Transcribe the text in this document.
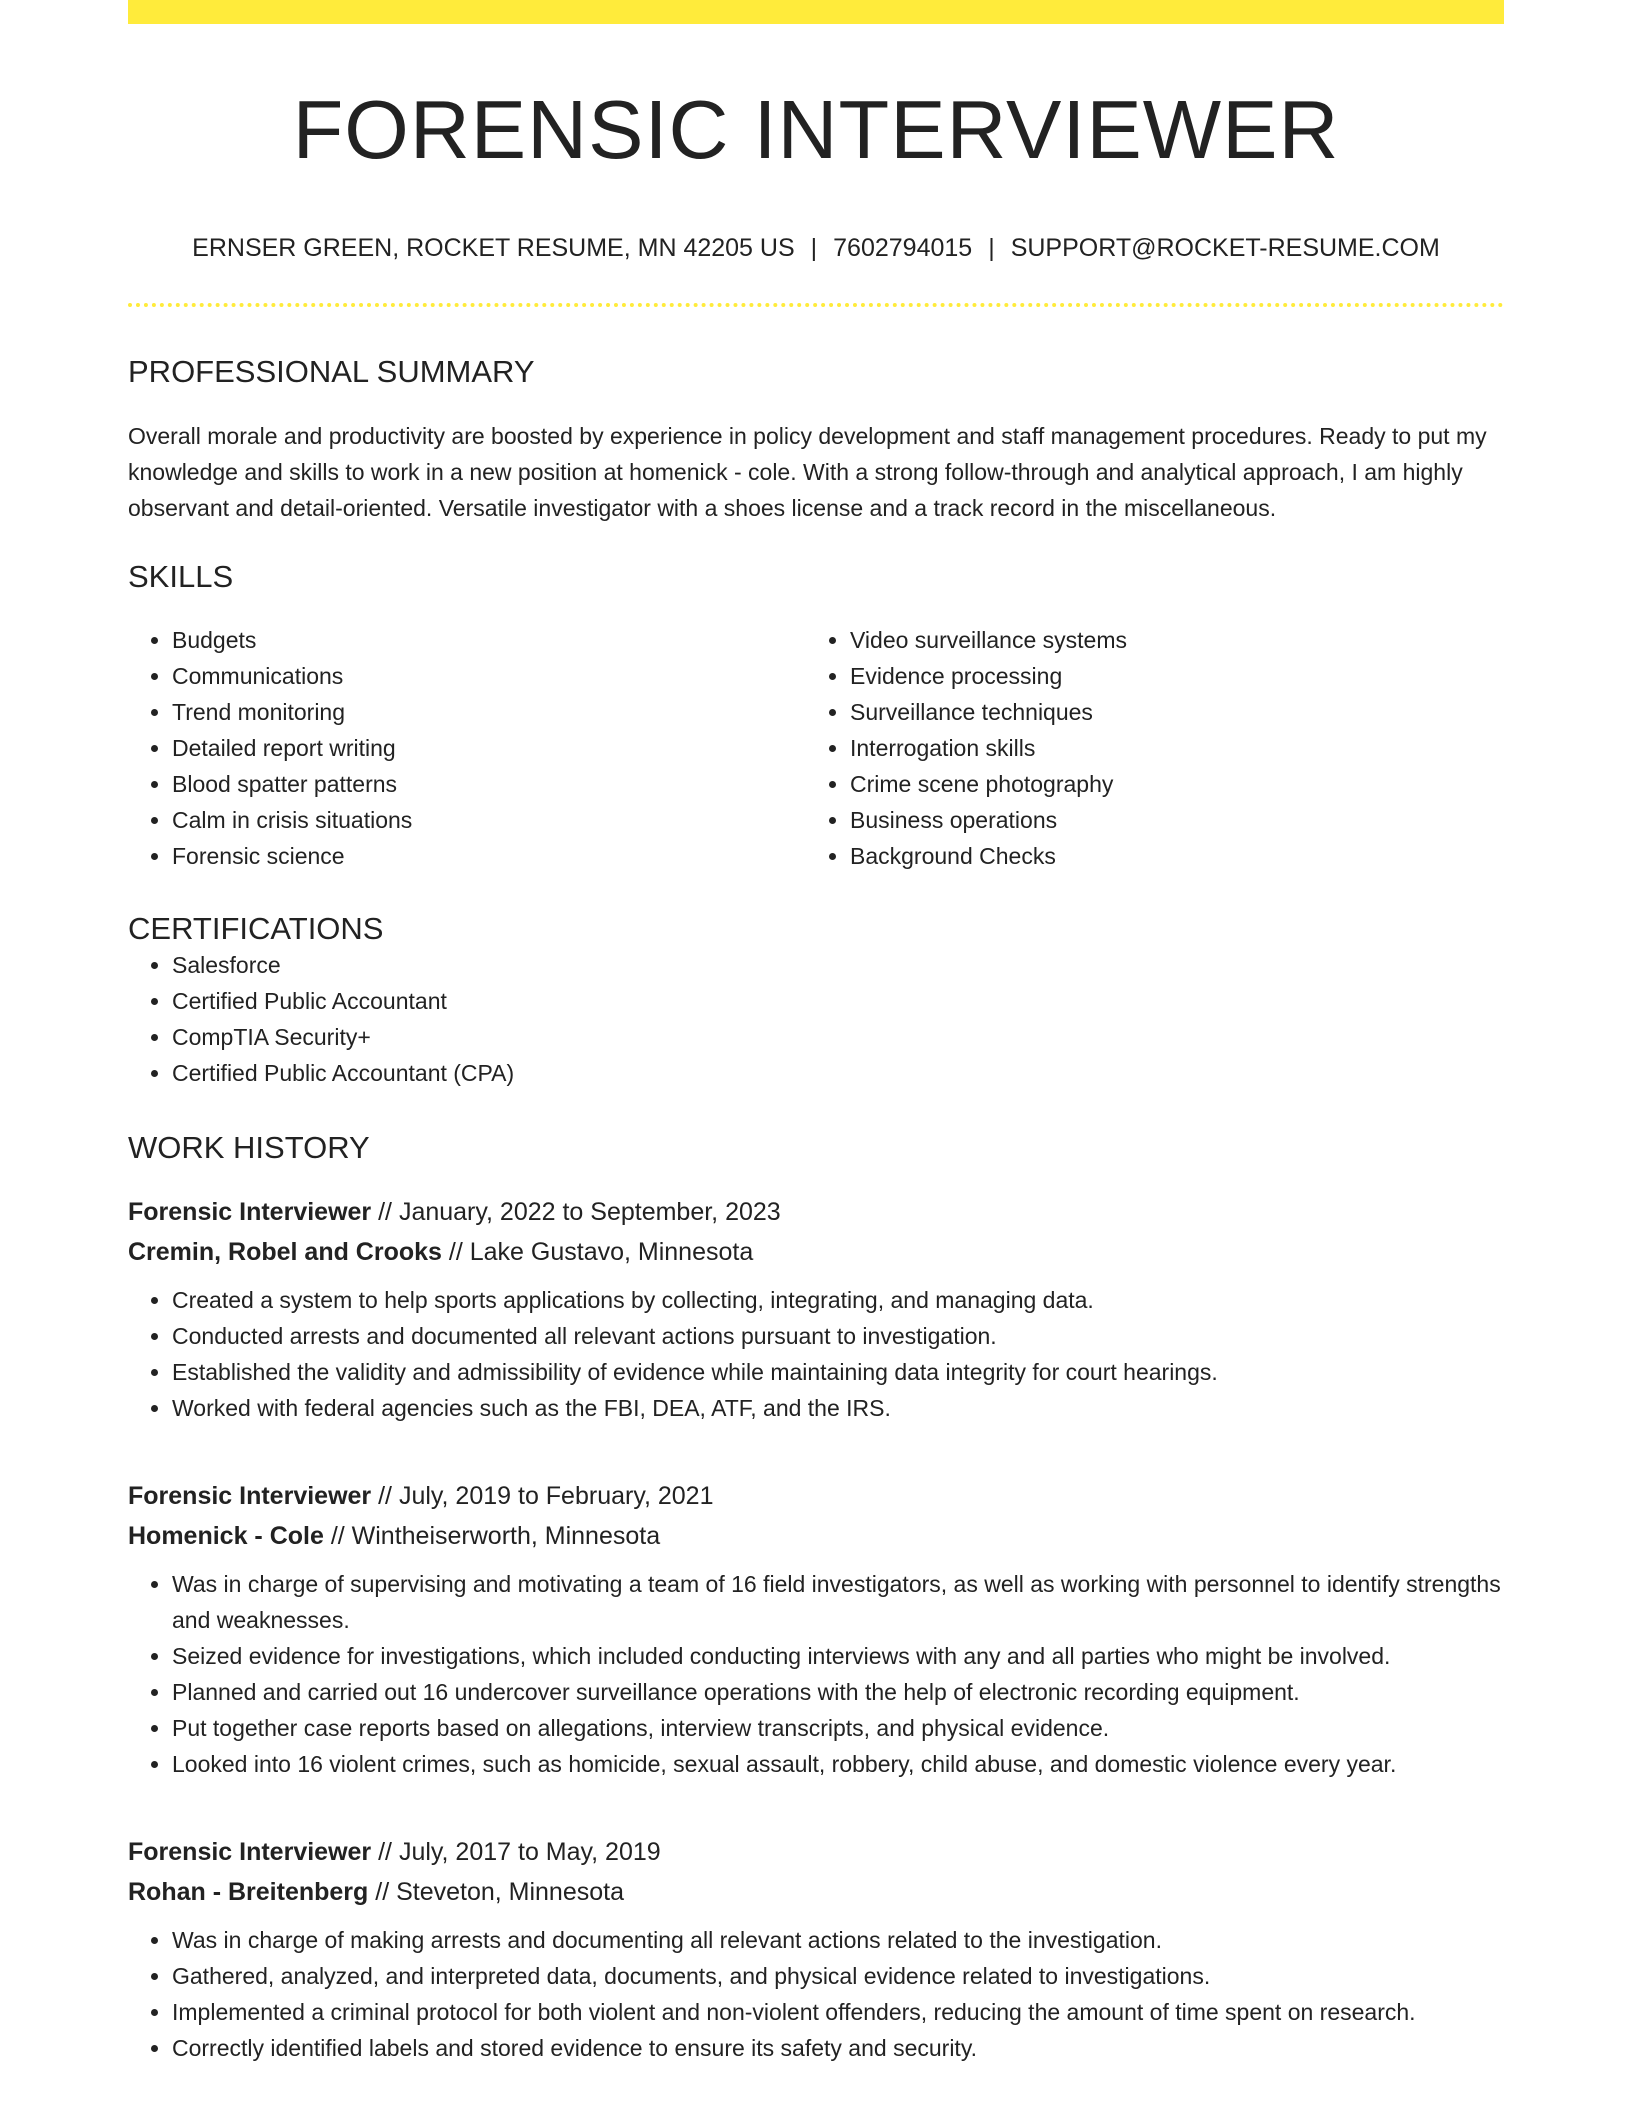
FORENSIC INTERVIEWER
ERNSER GREEN, ROCKET RESUME, MN 42205 US | 7602794015 | SUPPORT@ROCKET-RESUME.COM
PROFESSIONAL SUMMARY

Overall morale and productivity are boosted by experience in policy development and staff management procedures. Ready to put my knowledge and skills to work in a new position at homenick - cole. With a strong follow-through and analytical approach, I am highly observant and detail-oriented. Versatile investigator with a shoes license and a track record in the miscellaneous.

SKILLS
• Budgets
• Communications
• Trend monitoring
• Detailed report writing
• Blood spatter patterns
• Calm in crisis situations
• Forensic science
• Video surveillance systems
• Evidence processing
• Surveillance techniques
• Interrogation skills
• Crime scene photography
• Business operations
• Background Checks
CERTIFICATIONS
• Salesforce
• Certified Public Accountant
• CompTIA Security+
• Certified Public Accountant (CPA)
WORK HISTORY
Forensic Interviewer // January, 2022 to September, 2023
Cremin, Robel and Crooks // Lake Gustavo, Minnesota
• Created a system to help sports applications by collecting, integrating, and managing data.
• Conducted arrests and documented all relevant actions pursuant to investigation.
• Established the validity and admissibility of evidence while maintaining data integrity for court hearings.
• Worked with federal agencies such as the FBI, DEA, ATF, and the IRS.
Forensic Interviewer // July, 2019 to February, 2021
Homenick - Cole // Wintheiserworth, Minnesota
• Was in charge of supervising and motivating a team of 16 field investigators, as well as working with personnel to identify strengths and weaknesses.
• Seized evidence for investigations, which included conducting interviews with any and all parties who might be involved.
• Planned and carried out 16 undercover surveillance operations with the help of electronic recording equipment.
• Put together case reports based on allegations, interview transcripts, and physical evidence.
• Looked into 16 violent crimes, such as homicide, sexual assault, robbery, child abuse, and domestic violence every year.
Forensic Interviewer // July, 2017 to May, 2019
Rohan - Breitenberg // Steveton, Minnesota
• Was in charge of making arrests and documenting all relevant actions related to the investigation.
• Gathered, analyzed, and interpreted data, documents, and physical evidence related to investigations.
• Implemented a criminal protocol for both violent and non-violent offenders, reducing the amount of time spent on research.
• Correctly identified labels and stored evidence to ensure its safety and security.
